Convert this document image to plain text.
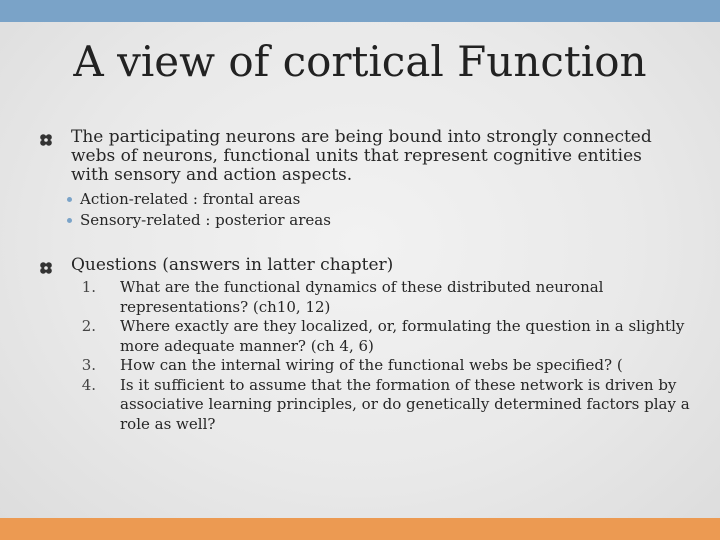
A view of cortical Function
The participating neurons are being bound into strongly connected webs of neurons, functional units that represent cognitive entities with sensory and action aspects.
Action-related : frontal areas
Sensory-related : posterior areas
Questions (answers in latter chapter)
1. What are the functional dynamics of these distributed neuronal representations? (ch10, 12)
2. Where exactly are they localized, or, formulating the question in a slightly more adequate manner? (ch 4, 6)
3. How can the internal wiring of the functional webs be specified? (
4. Is it sufficient to assume that the formation of these network is driven by associative learning principles, or do genetically determined factors play a role as well?
